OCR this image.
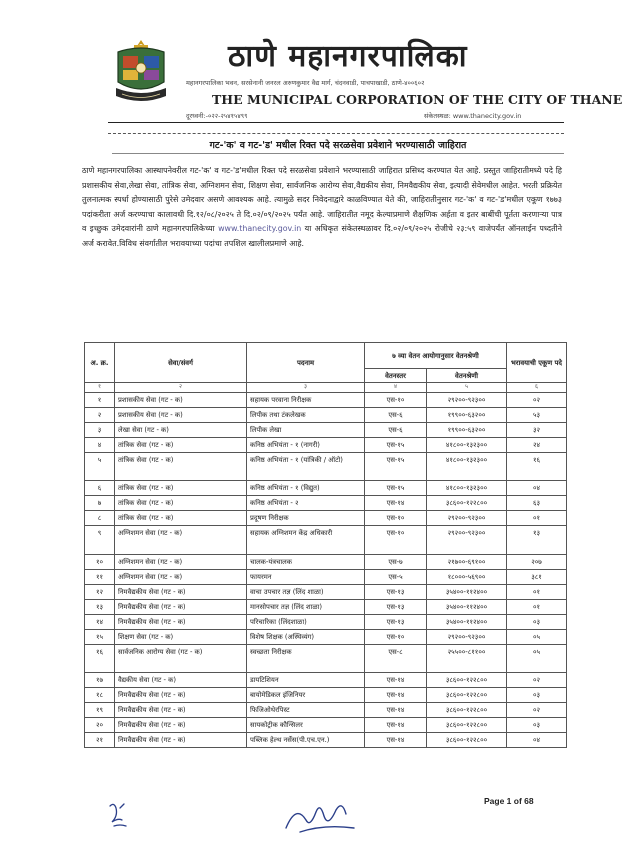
ठाणे महानगरपालिका
महानगरपालिका भवन, सरसेनानी जनरल अरुणकुमार वैद्य मार्ग, चंदनवाडी, पाचपाखाडी, ठाणे-४००६०२
THE MUNICIPAL CORPORATION OF THE CITY OF THANE
दूरध्वनी:-०२२-२५४१५४९९	संकेतस्थळ: www.thanecity.gov.in
गट-'क' व गट-'ड' मधील रिक्त पदे सरळसेवा प्रवेशाने भरण्यासाठी जाहिरात

ठाणे महानगरपालिका आस्थापनेवरील गट-'क' व गट-'ड'मधील रिक्त पदे सरळसेवा प्रवेशाने भरण्यासाठी जाहिरात प्रसिध्द करण्यात येत आहे. प्रस्तुत जाहिरातीमध्ये पदे हि प्रशासकीय सेवा,लेखा सेवा, तांत्रिक सेवा, अग्निशमन सेवा, शिक्षण सेवा, सार्वजनिक आरोग्य सेवा,वैद्यकीय सेवा, निमवैद्यकीय सेवा, इत्यादी सेवेमधील आहेत. भरती प्रक्रियेत तुलनात्मक स्पर्धा होण्यासाठी पुरेसे उमेदवार असणे आवश्यक आहे. त्यामुळे सदर निवेदनाद्वारे काळविण्यात येते की, जाहिरातीनुसार गट-'क' व गट-'ड'मधील एकूण १७७३ पदांकरीता अर्ज करण्याचा कालावधी दि.१२/०८/२०२५ ते दि.०२/०९/२०२५ पर्यंत आहे. जाहिरातीत नमूद केल्याप्रमाणे शैक्षणिक अर्हता व इतर बाबींची पूर्तता करणाऱ्या पात्र व इच्छुक उमेदवारांनी ठाणे महानगरपालिकेच्या www.thanecity.gov.in या अधिकृत संकेतस्थळावर दि.०२/०९/२०२५ रोजीचे २३:५९ वाजेपर्यंत ऑनलाईन पध्दतीने अर्ज करावेत.विविध संवर्गातील भरावयाच्या पदांचा तपशिल खालीलप्रमाणे आहे.

अ. क्र.	सेवा/संवर्ग	पदनाम	७ व्या वेतन आयोगानुसार वेतनश्रेणी		भरावयाची एकूण पदे
			वेतनस्तर	वेतनश्रेणी	
१	२	३	४	५	६
१	प्रशासकीय सेवा (गट - क)	सहायक परवाना निरीक्षक	एस-१०	२९२००-९२३००	०२
२	प्रशासकीय सेवा (गट - क)	लिपीक तथा टंकलेखक	एस-६	१९९००-६३२००	५३
३	लेखा सेवा (गट - क)	लिपीक लेखा	एस-६	१९९००-६३२००	३२
४	तांत्रिक सेवा (गट - क)	कनिष्ठ अभियंता - १ (नागरी)	एस-१५	४१८००-१३२३००	२४
५	तांत्रिक सेवा (गट - क)	कनिष्ठ अभियंता - १ (यांत्रिकी / ऑटो)	एस-१५	४१८००-१३२३००	१६
६	तांत्रिक सेवा (गट - क)	कनिष्ठ अभियंता - १ (विद्युत)	एस-१५	४१८००-१३२३००	०४
७	तांत्रिक सेवा (गट - क)	कनिष्ठ अभियंता - २	एस-१४	३८६००-१२२८००	६३
८	तांत्रिक सेवा (गट - क)	प्रदूषण निरीक्षक	एस-१०	२९२००-९२३००	०१
९	अग्निशमन सेवा (गट - क)	सहायक अग्निशमन केंद्र अधिकारी	एस-१०	२९२००-९२३००	१३
१०	अग्निशमन सेवा (गट - क)	चालक-यंत्रचालक	एस-७	२१७००-६९१००	२०७
११	अग्निशमन सेवा (गट - क)	फायरमन	एस-५	१८०००-५६९००	३८१
१२	निमवैद्यकीय सेवा (गट - क)	वाचा उपचार तज्ञ (लिंद शाळा)	एस-१३	३५४००-११२४००	०१
१३	निमवैद्यकीय सेवा (गट - क)	मानसोपचार तज्ञ (लिंद शाळा)	एस-१३	३५४००-११२४००	०१
१४	निमवैद्यकीय सेवा (गट - क)	परिचारिका (लिंदशाळा)	एस-१३	३५४००-११२४००	०३
१५	शिक्षण सेवा (गट - क)	विशेष शिक्षक (अस्थिव्यंग)	एस-१०	२९२००-९२३००	०५
१६	सार्वजनिक आरोग्य सेवा (गट - क)	स्वच्छता निरीक्षक	एस-८	२५५००-८११००	०५
१७	वैद्यकीय सेवा (गट - क)	डायटिशियन	एस-१४	३८६००-१२२८००	०२
१८	निमवैद्यकीय सेवा (गट - क)	बायोमेडिकल इंजिनियर	एस-१४	३८६००-१२२८००	०३
१९	निमवैद्यकीय सेवा (गट - क)	फिजिओथेरपिस्ट	एस-१४	३८६००-१२२८००	०२
२०	निमवैद्यकीय सेवा (गट - क)	सायकोट्रीक कौन्सिलर	एस-१४	३८६००-१२२८००	०३
२१	निमवैद्यकीय सेवा (गट - क)	पब्लिक हेल्थ नर्सेस(पी.एच.एन.)	एस-१४	३८६००-१२२८००	०४
Page 1 of 68
